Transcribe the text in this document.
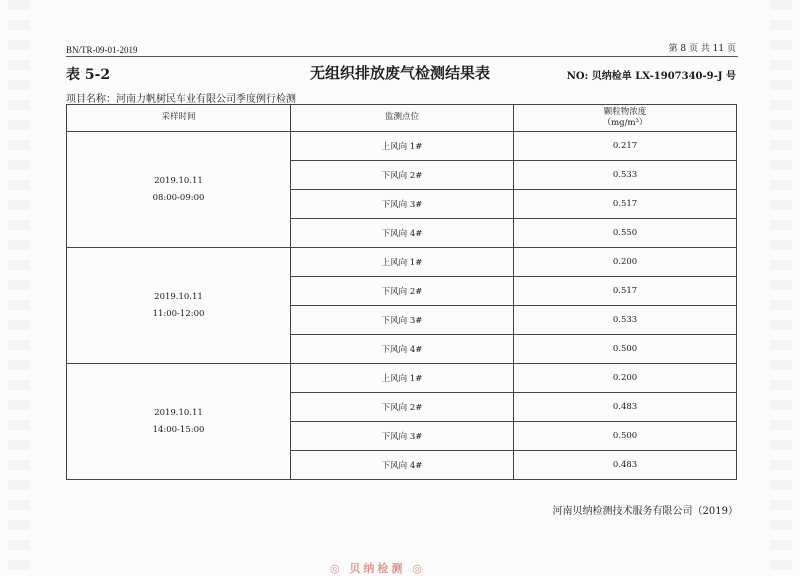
BN/TR-09-01-2019	第 8 页 共 11 页
表 5-2	无组织排放废气检测结果表	NO: 贝纳检单 LX-1907340-9-J 号
项目名称：河南力帆树民车业有限公司季度例行检测
采样时间	监测点位	颗粒物浓度
（mg/m³）

2019.10.11
08:00-09:00	上风向 1#	0.217
	下风向 2#	0.533
	下风向 3#	0.517
	下风向 4#	0.550

2019.10.11
11:00-12:00	上风向 1#	0.200
	下风向 2#	0.517
	下风向 3#	0.533
	下风向 4#	0.500

2019.10.11
14:00-15:00	上风向 1#	0.200
	下风向 2#	0.483
	下风向 3#	0.500
	下风向 4#	0.483
河南贝纳检测技术服务有限公司（2019）
◎ 贝纳检测 ◎
